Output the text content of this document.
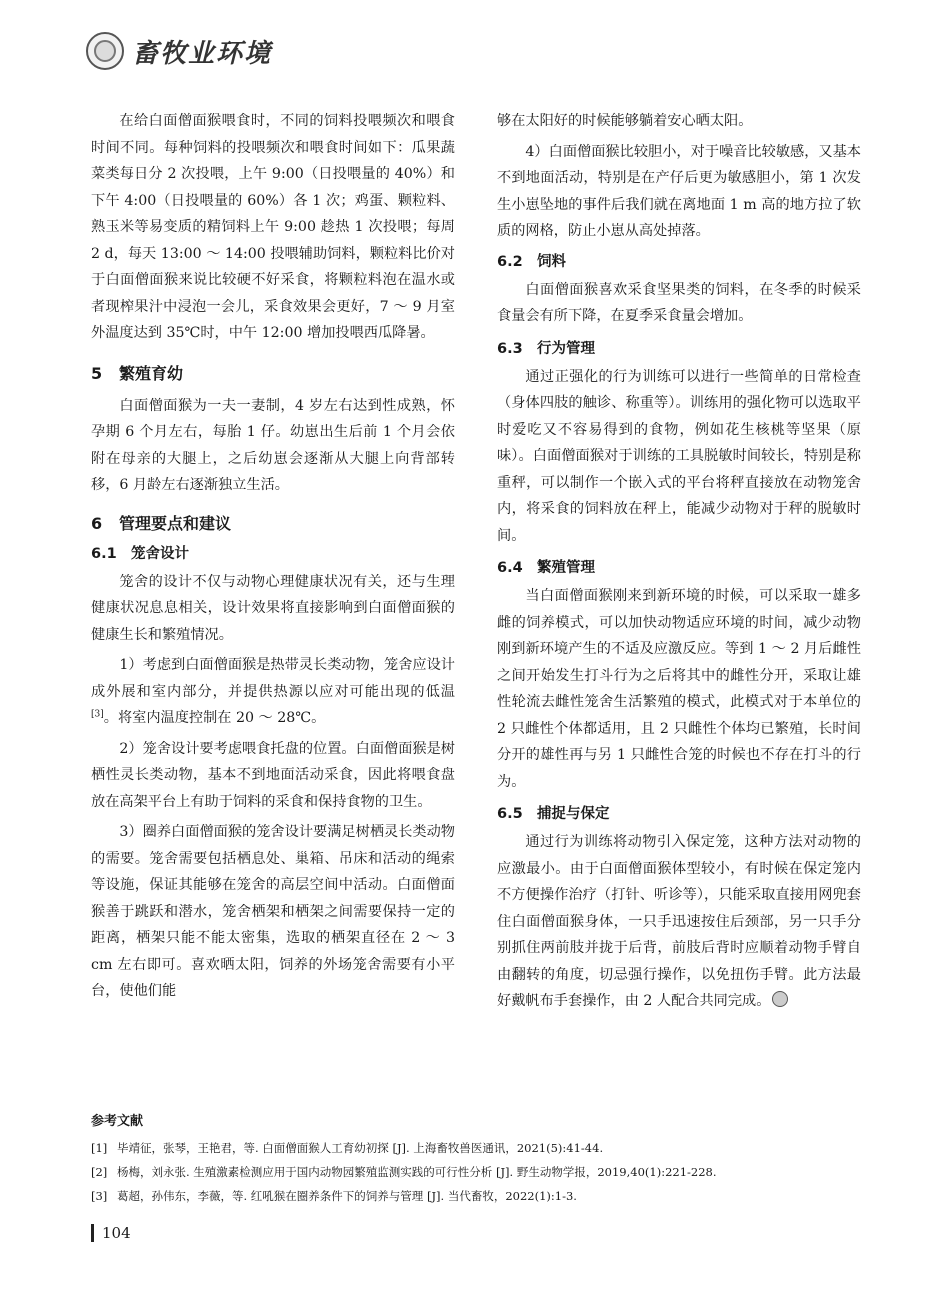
畜牧业环境

在给白面僧面猴喂食时，不同的饲料投喂频次和喂食时间不同。每种饲料的投喂频次和喂食时间如下：瓜果蔬菜类每日分 2 次投喂，上午 9:00（日投喂量的 40%）和下午 4:00（日投喂量的 60%）各 1 次；鸡蛋、颗粒料、熟玉米等易变质的精饲料上午 9:00 趁热 1 次投喂；每周 2 d，每天 13:00 ～ 14:00 投喂辅助饲料，颗粒料比价对于白面僧面猴来说比较硬不好采食，将颗粒料泡在温水或者现榨果汁中浸泡一会儿，采食效果会更好，7 ～ 9 月室外温度达到 35℃时，中午 12:00 增加投喂西瓜降暑。

5 繁殖育幼

白面僧面猴为一夫一妻制，4 岁左右达到性成熟，怀孕期 6 个月左右，每胎 1 仔。幼崽出生后前 1 个月会依附在母亲的大腿上，之后幼崽会逐渐从大腿上向背部转移，6 月龄左右逐渐独立生活。

6 管理要点和建议
6.1 笼舍设计

笼舍的设计不仅与动物心理健康状况有关，还与生理健康状况息息相关，设计效果将直接影响到白面僧面猴的健康生长和繁殖情况。

1）考虑到白面僧面猴是热带灵长类动物，笼舍应设计成外展和室内部分，并提供热源以应对可能出现的低温[3]。将室内温度控制在 20 ～ 28℃。

2）笼舍设计要考虑喂食托盘的位置。白面僧面猴是树栖性灵长类动物，基本不到地面活动采食，因此将喂食盘放在高架平台上有助于饲料的采食和保持食物的卫生。

3）圈养白面僧面猴的笼舍设计要满足树栖灵长类动物的需要。笼舍需要包括栖息处、巢箱、吊床和活动的绳索等设施，保证其能够在笼舍的高层空间中活动。白面僧面猴善于跳跃和潜水，笼舍栖架和栖架之间需要保持一定的距离，栖架只能不能太密集，选取的栖架直径在 2 ～ 3 cm 左右即可。喜欢晒太阳，饲养的外场笼舍需要有小平台，使他们能

够在太阳好的时候能够躺着安心晒太阳。

4）白面僧面猴比较胆小，对于噪音比较敏感，又基本不到地面活动，特别是在产仔后更为敏感胆小，第 1 次发生小崽坠地的事件后我们就在离地面 1 m 高的地方拉了软质的网格，防止小崽从高处掉落。

6.2 饲料

白面僧面猴喜欢采食坚果类的饲料，在冬季的时候采食量会有所下降，在夏季采食量会增加。

6.3 行为管理

通过正强化的行为训练可以进行一些简单的日常检查（身体四肢的触诊、称重等）。训练用的强化物可以选取平时爱吃又不容易得到的食物，例如花生核桃等坚果（原味）。白面僧面猴对于训练的工具脱敏时间较长，特别是称重秤，可以制作一个嵌入式的平台将秤直接放在动物笼舍内，将采食的饲料放在秤上，能减少动物对于秤的脱敏时间。

6.4 繁殖管理

当白面僧面猴刚来到新环境的时候，可以采取一雄多雌的饲养模式，可以加快动物适应环境的时间，减少动物刚到新环境产生的不适及应激反应。等到 1 ～ 2 月后雌性之间开始发生打斗行为之后将其中的雌性分开，采取让雄性轮流去雌性笼舍生活繁殖的模式，此模式对于本单位的 2 只雌性个体都适用，且 2 只雌性个体均已繁殖，长时间分开的雄性再与另 1 只雌性合笼的时候也不存在打斗的行为。

6.5 捕捉与保定

通过行为训练将动物引入保定笼，这种方法对动物的应激最小。由于白面僧面猴体型较小，有时候在保定笼内不方便操作治疗（打针、听诊等），只能采取直接用网兜套住白面僧面猴身体，一只手迅速按住后颈部，另一只手分别抓住两前肢并拢于后背，前肢后背时应顺着动物手臂自由翻转的角度，切忌强行操作，以免扭伤手臂。此方法最好戴帆布手套操作，由 2 人配合共同完成。

参考文献

[1] 毕靖征，张琴，王艳君，等. 白面僧面猴人工育幼初探 [J]. 上海畜牧兽医通讯，2021(5):41-44.

[2] 杨梅，刘永张. 生殖激素检测应用于国内动物园繁殖监测实践的可行性分析 [J]. 野生动物学报，2019,40(1):221-228.

[3] 葛超，孙伟东，李薇，等. 红吼猴在圈养条件下的饲养与管理 [J]. 当代畜牧，2022(1):1-3.

104
